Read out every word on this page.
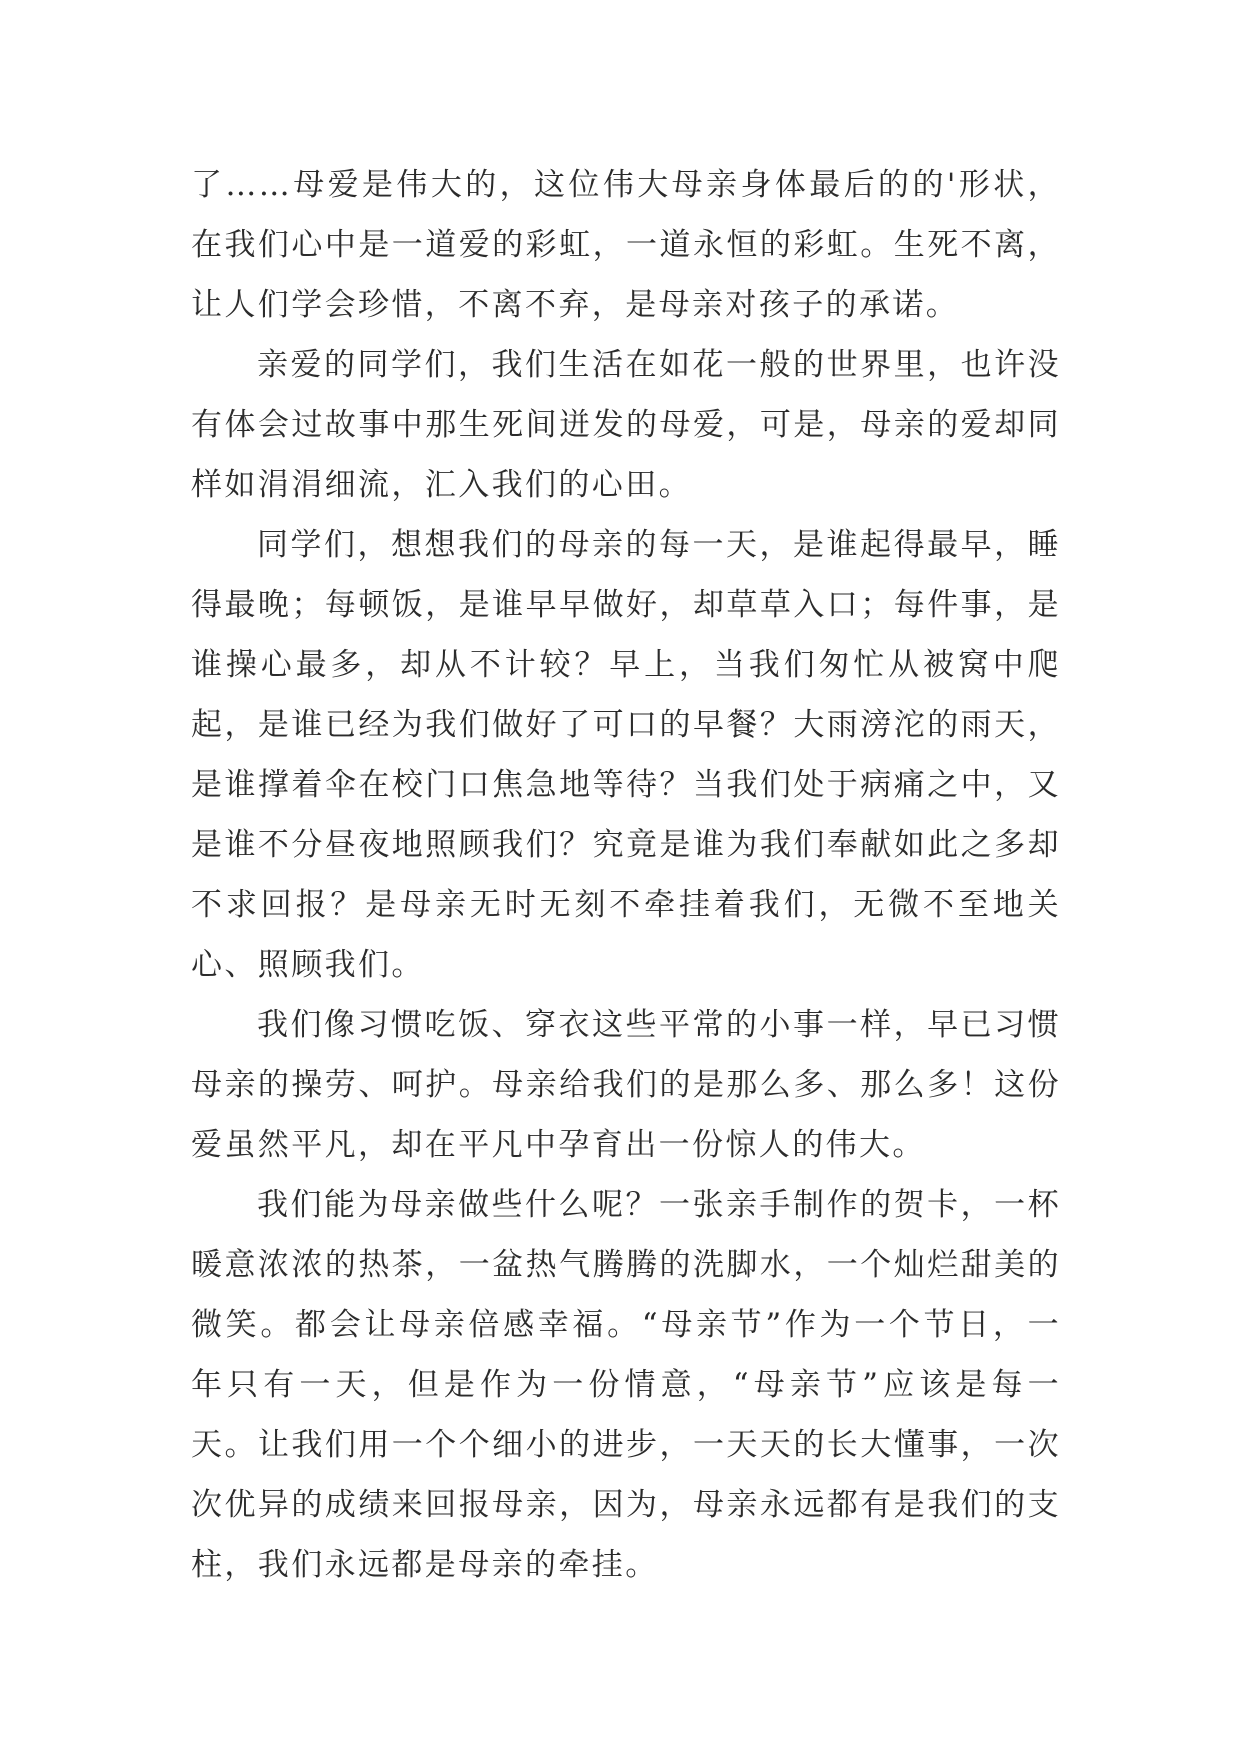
了……母爱是伟大的，这位伟大母亲身体最后的的'形状，在我们心中是一道爱的彩虹，一道永恒的彩虹。生死不离，让人们学会珍惜，不离不弃，是母亲对孩子的承诺。

亲爱的同学们，我们生活在如花一般的世界里，也许没有体会过故事中那生死间迸发的母爱，可是，母亲的爱却同样如涓涓细流，汇入我们的心田。

同学们，想想我们的母亲的每一天，是谁起得最早，睡得最晚；每顿饭，是谁早早做好，却草草入口；每件事，是谁操心最多，却从不计较？早上，当我们匆忙从被窝中爬起，是谁已经为我们做好了可口的早餐？大雨滂沱的雨天，是谁撑着伞在校门口焦急地等待？当我们处于病痛之中，又是谁不分昼夜地照顾我们？究竟是谁为我们奉献如此之多却不求回报？是母亲无时无刻不牵挂着我们，无微不至地关心、照顾我们。

我们像习惯吃饭、穿衣这些平常的小事一样，早已习惯母亲的操劳、呵护。母亲给我们的是那么多、那么多！这份爱虽然平凡，却在平凡中孕育出一份惊人的伟大。

我们能为母亲做些什么呢？一张亲手制作的贺卡，一杯暖意浓浓的热茶，一盆热气腾腾的洗脚水，一个灿烂甜美的微笑。都会让母亲倍感幸福。“母亲节”作为一个节日，一年只有一天，但是作为一份情意，“母亲节”应该是每一天。让我们用一个个细小的进步，一天天的长大懂事，一次次优异的成绩来回报母亲，因为，母亲永远都有是我们的支柱，我们永远都是母亲的牵挂。
